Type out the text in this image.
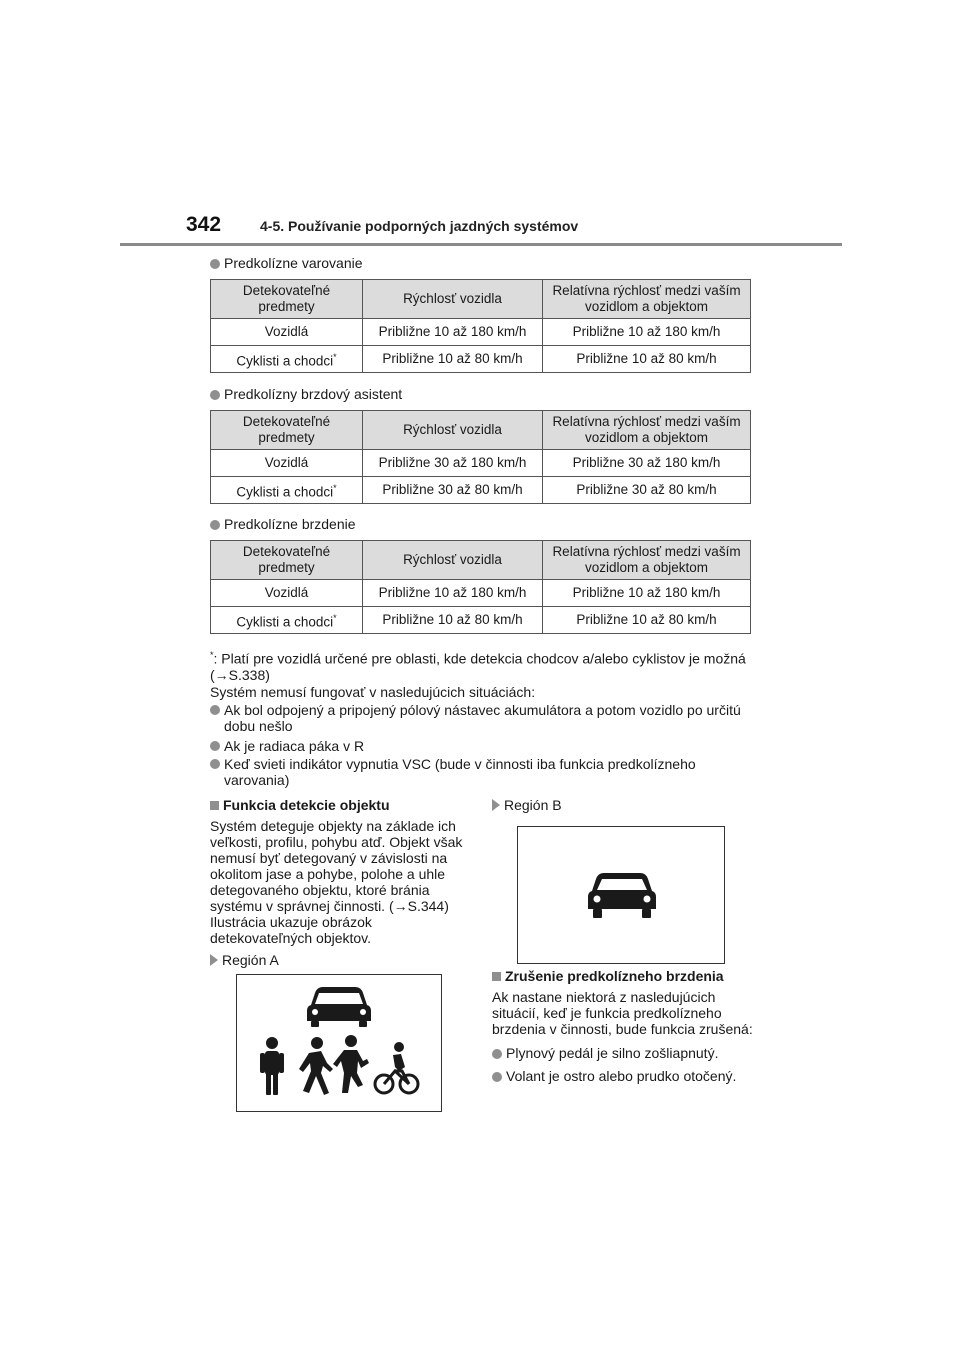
342	4-5. Používanie podporných jazdných systémov
Predkolízne varovanie
Detekovateľné predmety	Rýchlosť vozidla	Relatívna rýchlosť medzi vaším vozidlom a objektom
Vozidlá	Približne 10 až 180 km/h	Približne 10 až 180 km/h
Cyklisti a chodci*	Približne 10 až 80 km/h	Približne 10 až 80 km/h
Predkolízny brzdový asistent
Detekovateľné predmety	Rýchlosť vozidla	Relatívna rýchlosť medzi vaším vozidlom a objektom
Vozidlá	Približne 30 až 180 km/h	Približne 30 až 180 km/h
Cyklisti a chodci*	Približne 30 až 80 km/h	Približne 30 až 80 km/h
Predkolízne brzdenie
Detekovateľné predmety	Rýchlosť vozidla	Relatívna rýchlosť medzi vaším vozidlom a objektom
Vozidlá	Približne 10 až 180 km/h	Približne 10 až 180 km/h
Cyklisti a chodci*	Približne 10 až 80 km/h	Približne 10 až 80 km/h
*: Platí pre vozidlá určené pre oblasti, kde detekcia chodcov a/alebo cyklistov je možná (→S.338)
Systém nemusí fungovať v nasledujúcich situáciách:
Ak bol odpojený a pripojený pólový nástavec akumulátora a potom vozidlo po určitú dobu nešlo
Ak je radiaca páka v R
Keď svieti indikátor vypnutia VSC (bude v činnosti iba funkcia predkolízneho varovania)
Funkcia detekcie objektu
Systém deteguje objekty na základe ich veľkosti, profilu, pohybu atď. Objekt však nemusí byť detegovaný v závislosti na okolitom jase a pohybe, polohe a uhle detegovaného objektu, ktoré bránia systému v správnej činnosti. (→S.344) Ilustrácia ukazuje obrázok detekovateľných objektov.
Región A
Región B
Zrušenie predkolízneho brzdenia
Ak nastane niektorá z nasledujúcich situácií, keď je funkcia predkolízneho brzdenia v činnosti, bude funkcia zrušená:
Plynový pedál je silno zošliapnutý.
Volant je ostro alebo prudko otočený.
